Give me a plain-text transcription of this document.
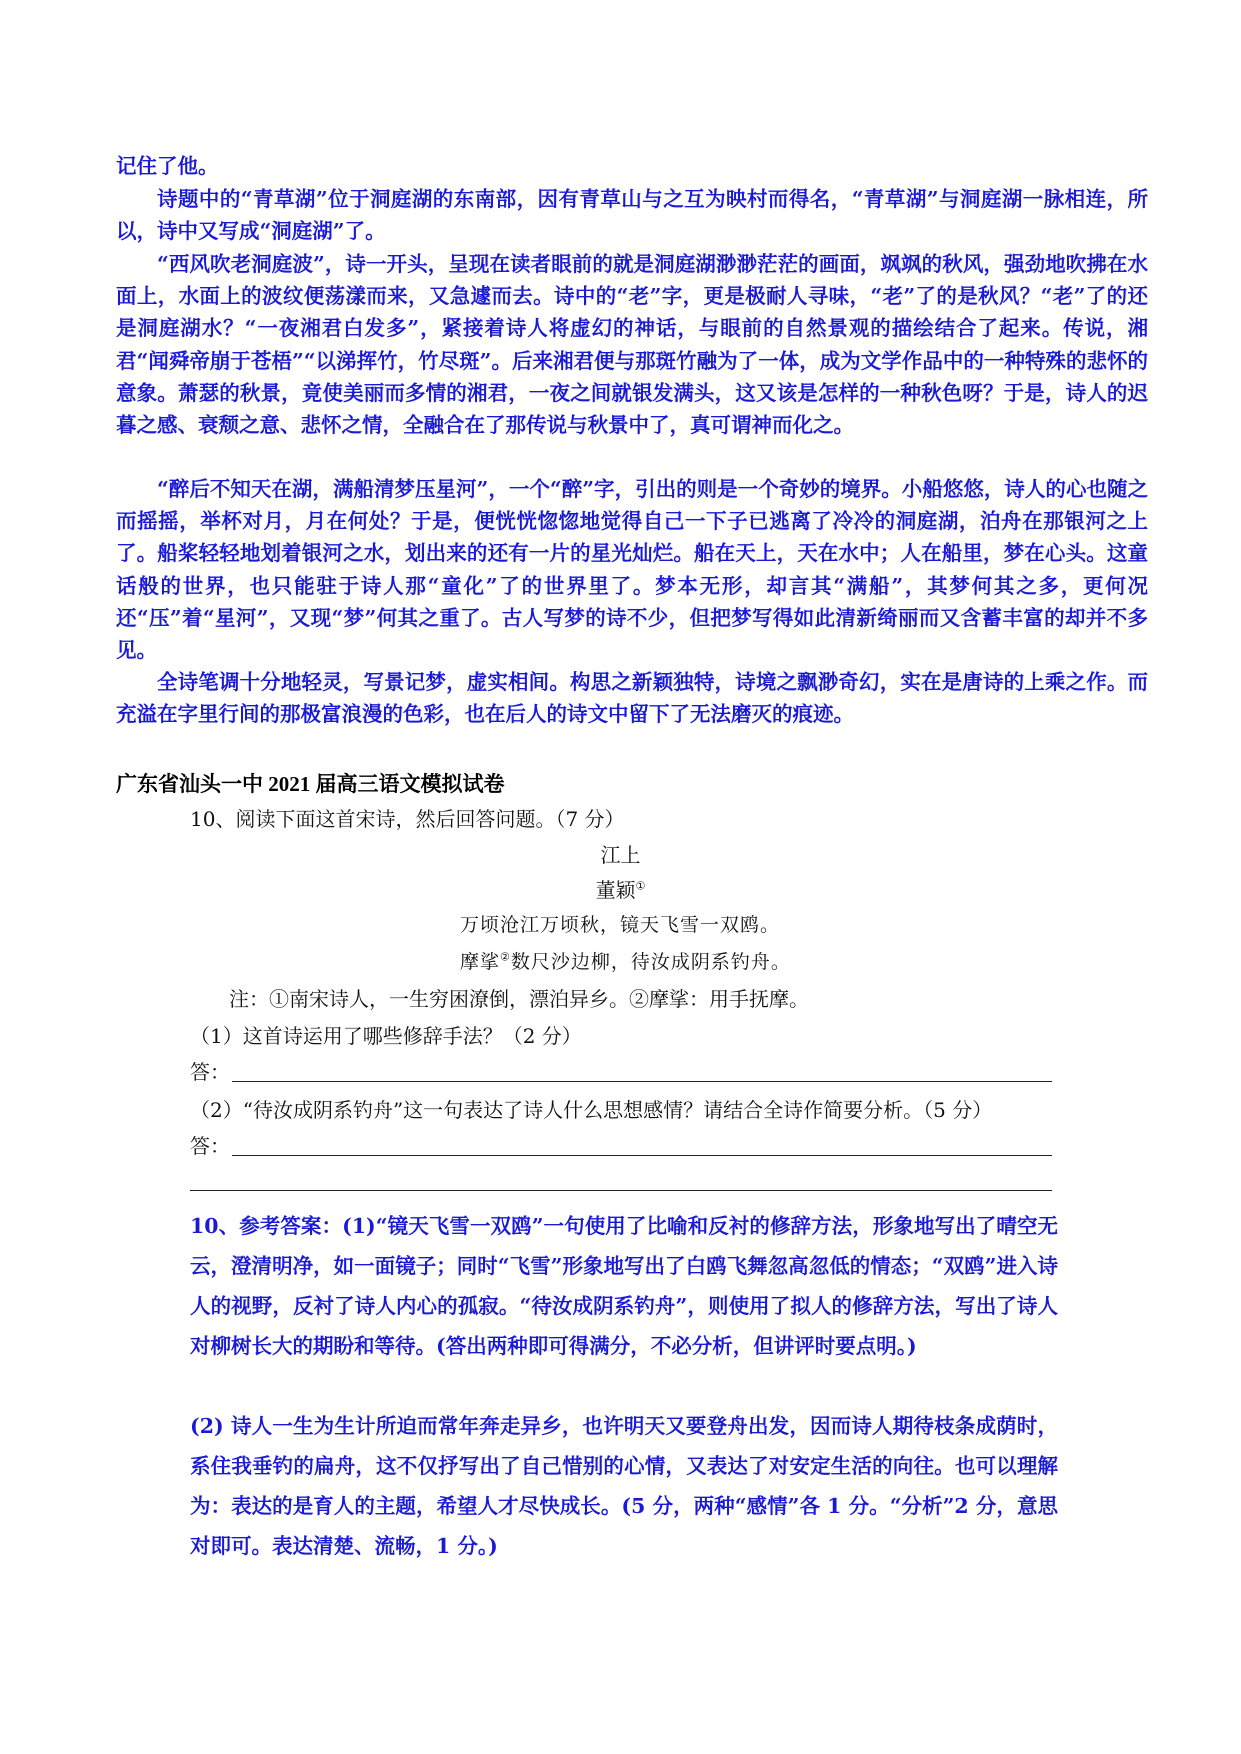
记住了他。

诗题中的“青草湖”位于洞庭湖的东南部，因有青草山与之互为映村而得名，“青草湖”与洞庭湖一脉相连，所以，诗中又写成“洞庭湖”了。

“西风吹老洞庭波”，诗一开头，呈现在读者眼前的就是洞庭湖渺渺茫茫的画面，飒飒的秋风，强劲地吹拂在水面上，水面上的波纹便荡漾而来，又急遽而去。诗中的“老”字，更是极耐人寻味，“老”了的是秋风？“老”了的还是洞庭湖水？“一夜湘君白发多”，紧接着诗人将虚幻的神话，与眼前的自然景观的描绘结合了起来。传说，湘君“闻舜帝崩于苍梧”“以涕挥竹，竹尽斑”。后来湘君便与那斑竹融为了一体，成为文学作品中的一种特殊的悲怀的意象。萧瑟的秋景，竟使美丽而多情的湘君，一夜之间就银发满头，这又该是怎样的一种秋色呀？于是，诗人的迟暮之感、衰颓之意、悲怀之情，全融合在了那传说与秋景中了，真可谓神而化之。

“醉后不知天在湖，满船清梦压星河”，一个“醉”字，引出的则是一个奇妙的境界。小船悠悠，诗人的心也随之而摇摇，举杯对月，月在何处？于是，便恍恍惚惚地觉得自己一下子已逃离了冷冷的洞庭湖，泊舟在那银河之上了。船桨轻轻地划着银河之水，划出来的还有一片的星光灿烂。船在天上，天在水中；人在船里，梦在心头。这童话般的世界，也只能驻于诗人那“童化”了的世界里了。梦本无形，却言其“满船”，其梦何其之多，更何况还“压”着“星河”，又现“梦”何其之重了。古人写梦的诗不少，但把梦写得如此清新绮丽而又含蓄丰富的却并不多见。

全诗笔调十分地轻灵，写景记梦，虚实相间。构思之新颖独特，诗境之飘渺奇幻，实在是唐诗的上乘之作。而充溢在字里行间的那极富浪漫的色彩，也在后人的诗文中留下了无法磨灭的痕迹。

广东省汕头一中 2021 届高三语文模拟试卷
10、阅读下面这首宋诗，然后回答问题。（7 分）
江上
董颖①
万顷沧江万顷秋，镜天飞雪一双鸥。
摩挲②数尺沙边柳，待汝成阴系钓舟。
注：①南宋诗人，一生穷困潦倒，漂泊异乡。②摩挲：用手抚摩。
（1）这首诗运用了哪些修辞手法？（2 分）
答：
（2）“待汝成阴系钓舟”这一句表达了诗人什么思想感情？请结合全诗作简要分析。（5 分）
答：

10、参考答案：(1)“镜天飞雪一双鸥”一句使用了比喻和反衬的修辞方法，形象地写出了晴空无云，澄清明净，如一面镜子；同时“飞雪”形象地写出了白鸥飞舞忽高忽低的情态；“双鸥”进入诗人的视野，反衬了诗人内心的孤寂。“待汝成阴系钓舟”，则使用了拟人的修辞方法，写出了诗人对柳树长大的期盼和等待。(答出两种即可得满分，不必分析，但讲评时要点明。)

(2) 诗人一生为生计所迫而常年奔走异乡，也许明天又要登舟出发，因而诗人期待枝条成荫时，系住我垂钓的扁舟，这不仅抒写出了自己惜别的心情，又表达了对安定生活的向往。也可以理解为：表达的是育人的主题，希望人才尽快成长。(5 分，两种“感情”各 1 分。“分析”2 分，意思对即可。表达清楚、流畅，1 分。)
